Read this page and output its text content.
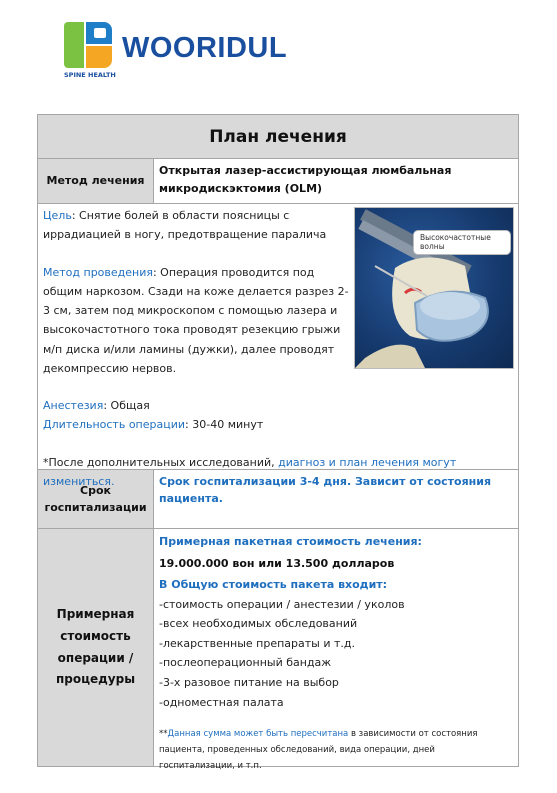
SPINE HEALTH
WOORIDUL
План лечения
Метод лечения
Открытая лазер-ассистирующая люмбальная микродискэктомия (OLM)
Высокочастотные волны

Цель: Снятие болей в области поясницы с иррадиацией в ногу, предотвращение паралича

Метод проведения: Операция проводится под общим наркозом. Сзади на коже делается разрез 2-3 см, затем под микроскопом с помощью лазера и высокочастотного тока проводят резекцию грыжи м/п диска и/или ламины (дужки), далее проводят декомпрессию нервов.

Анестезия: Общая

Длительность операции: 30-40 минут

*После дополнительных исследований, диагноз и план лечения могут измениться.

Срок госпитализации
Срок госпитализации 3-4 дня. Зависит от состояния пациента.
Примерная стоимость операции / процедуры

Примерная пакетная стоимость лечения:

19.000.000 вон или 13.500 долларов

В Общую стоимость пакета входит:

-стоимость операции / анестезии / уколов

-всех необходимых обследований

-лекарственные препараты и т.д.

-послеоперационный бандаж

-3-х разовое питание на выбор

-одноместная палата

**Данная сумма может быть пересчитана в зависимости от состояния пациента, проведенных обследований, вида операции, дней госпитализации, и т.п.
